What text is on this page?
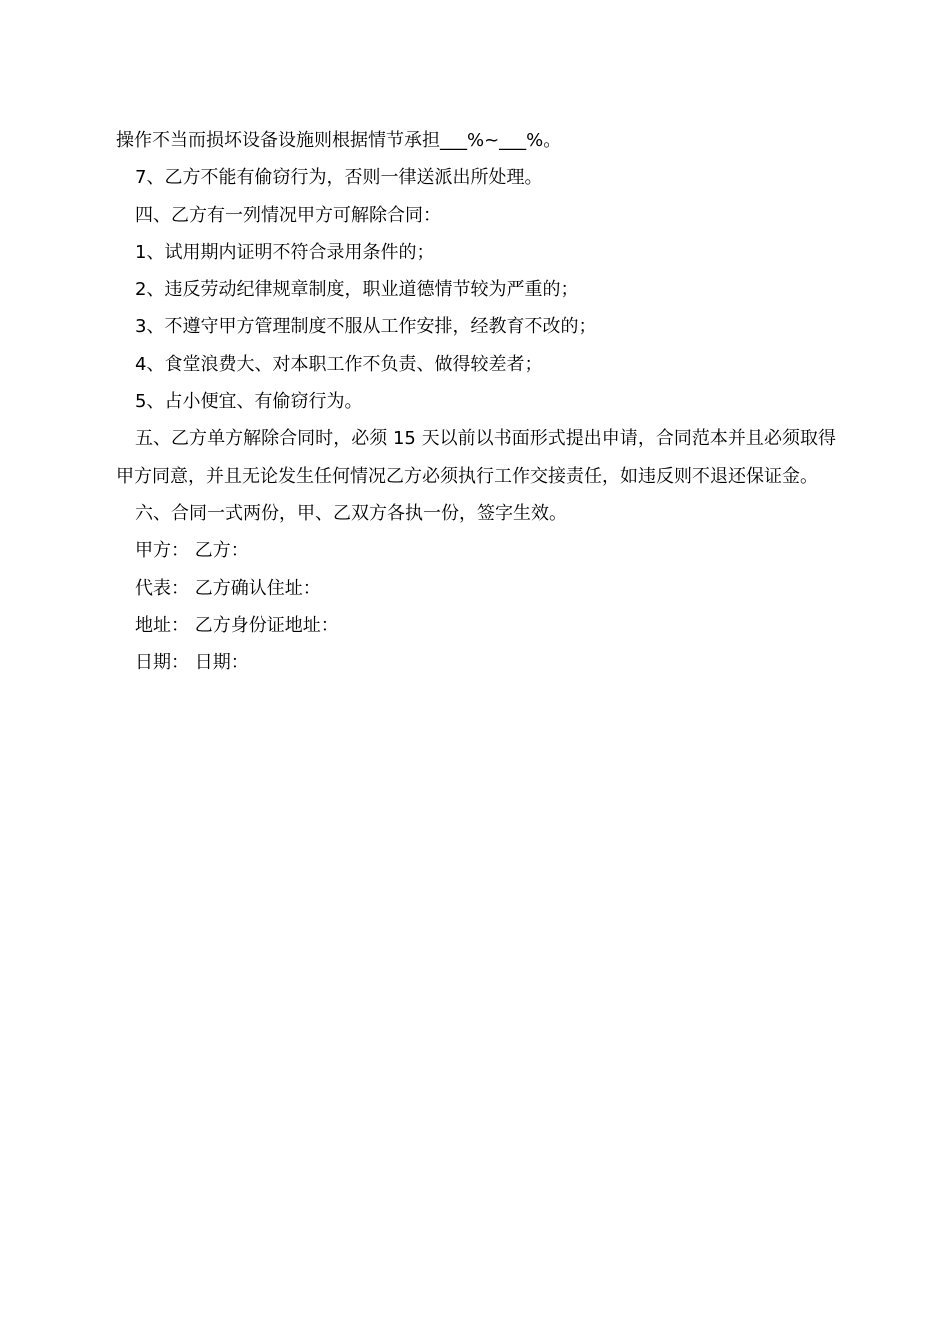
操作不当而损坏设备设施则根据情节承担___%~___%。
7、乙方不能有偷窃行为，否则一律送派出所处理。
四、乙方有一列情况甲方可解除合同：
1、试用期内证明不符合录用条件的；
2、违反劳动纪律规章制度，职业道德情节较为严重的；
3、不遵守甲方管理制度不服从工作安排，经教育不改的；
4、食堂浪费大、对本职工作不负责、做得较差者；
5、占小便宜、有偷窃行为。
五、乙方单方解除合同时，必须 15 天以前以书面形式提出申请，合同范本并且必须取得甲方同意，并且无论发生任何情况乙方必须执行工作交接责任，如违反则不退还保证金。
六、合同一式两份，甲、乙双方各执一份，签字生效。
甲方： 乙方：
代表： 乙方确认住址：
地址： 乙方身份证地址：
日期： 日期：
